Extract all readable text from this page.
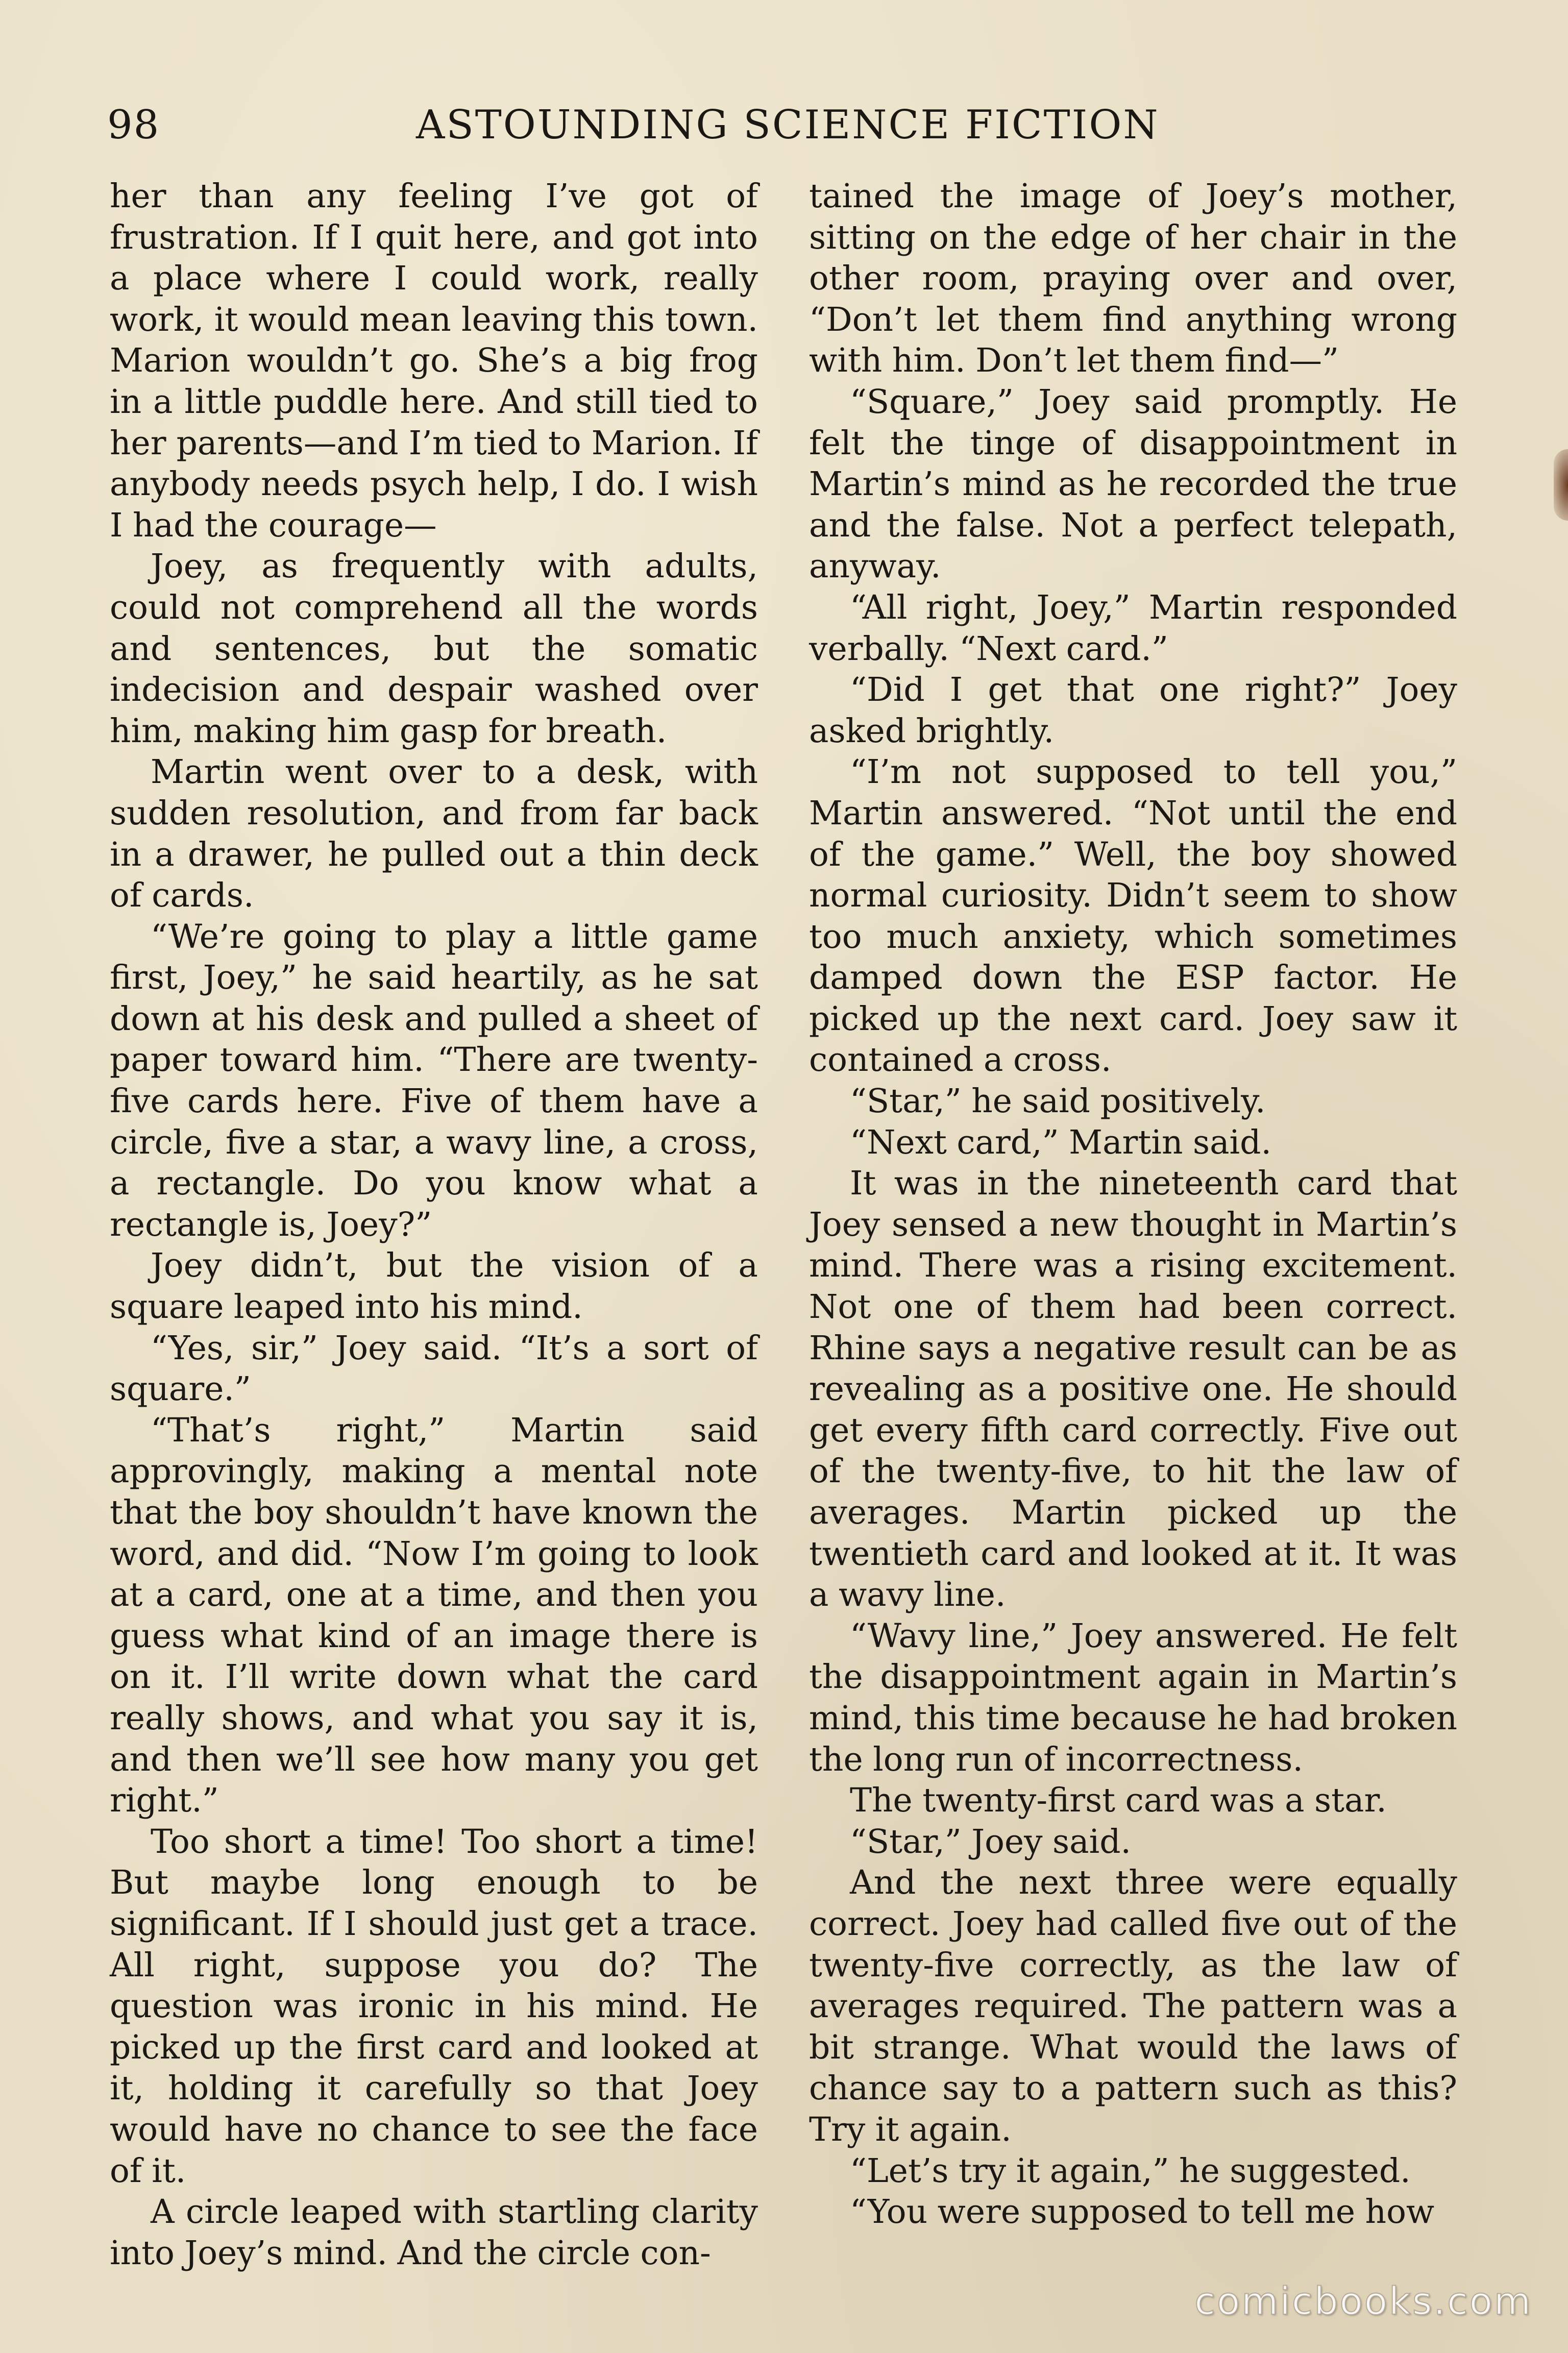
98	ASTOUNDING SCIENCE FICTION

her than any feeling I’ve got of frustration. If I quit here, and got into a place where I could work, really work, it would mean leaving this town. Marion wouldn’t go. She’s a big frog in a little puddle here. And still tied to her parents—and I’m tied to Marion. If anybody needs psych help, I do. I wish I had the courage—

Joey, as frequently with adults, could not comprehend all the words and sentences, but the somatic indecision and despair washed over him, making him gasp for breath.

Martin went over to a desk, with sudden resolution, and from far back in a drawer, he pulled out a thin deck of cards.

“We’re going to play a little game first, Joey,” he said heartily, as he sat down at his desk and pulled a sheet of paper toward him. “There are twenty-five cards here. Five of them have a circle, five a star, a wavy line, a cross, a rectangle. Do you know what a rectangle is, Joey?”

Joey didn’t, but the vision of a square leaped into his mind.

“Yes, sir,” Joey said. “It’s a sort of square.”

“That’s right,” Martin said approvingly, making a mental note that the boy shouldn’t have known the word, and did. “Now I’m going to look at a card, one at a time, and then you guess what kind of an image there is on it. I’ll write down what the card really shows, and what you say it is, and then we’ll see how many you get right.”

Too short a time! Too short a time! But maybe long enough to be significant. If I should just get a trace. All right, suppose you do? The question was ironic in his mind. He picked up the first card and looked at it, holding it carefully so that Joey would have no chance to see the face of it.

A circle leaped with startling clarity into Joey’s mind. And the circle con-

tained the image of Joey’s mother, sitting on the edge of her chair in the other room, praying over and over, “Don’t let them find anything wrong with him. Don’t let them find—”

“Square,” Joey said promptly. He felt the tinge of disappointment in Martin’s mind as he recorded the true and the false. Not a perfect telepath, anyway.

“All right, Joey,” Martin responded verbally. “Next card.”

“Did I get that one right?” Joey asked brightly.

“I’m not supposed to tell you,” Martin answered. “Not until the end of the game.” Well, the boy showed normal curiosity. Didn’t seem to show too much anxiety, which sometimes damped down the ESP factor. He picked up the next card. Joey saw it contained a cross.

“Star,” he said positively.

“Next card,” Martin said.

It was in the nineteenth card that Joey sensed a new thought in Martin’s mind. There was a rising excitement. Not one of them had been correct. Rhine says a negative result can be as revealing as a positive one. He should get every fifth card correctly. Five out of the twenty-five, to hit the law of averages. Martin picked up the twentieth card and looked at it. It was a wavy line.

“Wavy line,” Joey answered. He felt the disappointment again in Martin’s mind, this time because he had broken the long run of incorrectness.

The twenty-first card was a star.

“Star,” Joey said.

And the next three were equally correct. Joey had called five out of the twenty-five correctly, as the law of averages required. The pattern was a bit strange. What would the laws of chance say to a pattern such as this? Try it again.

“Let’s try it again,” he suggested.

“You were supposed to tell me how

comicbooks.com
